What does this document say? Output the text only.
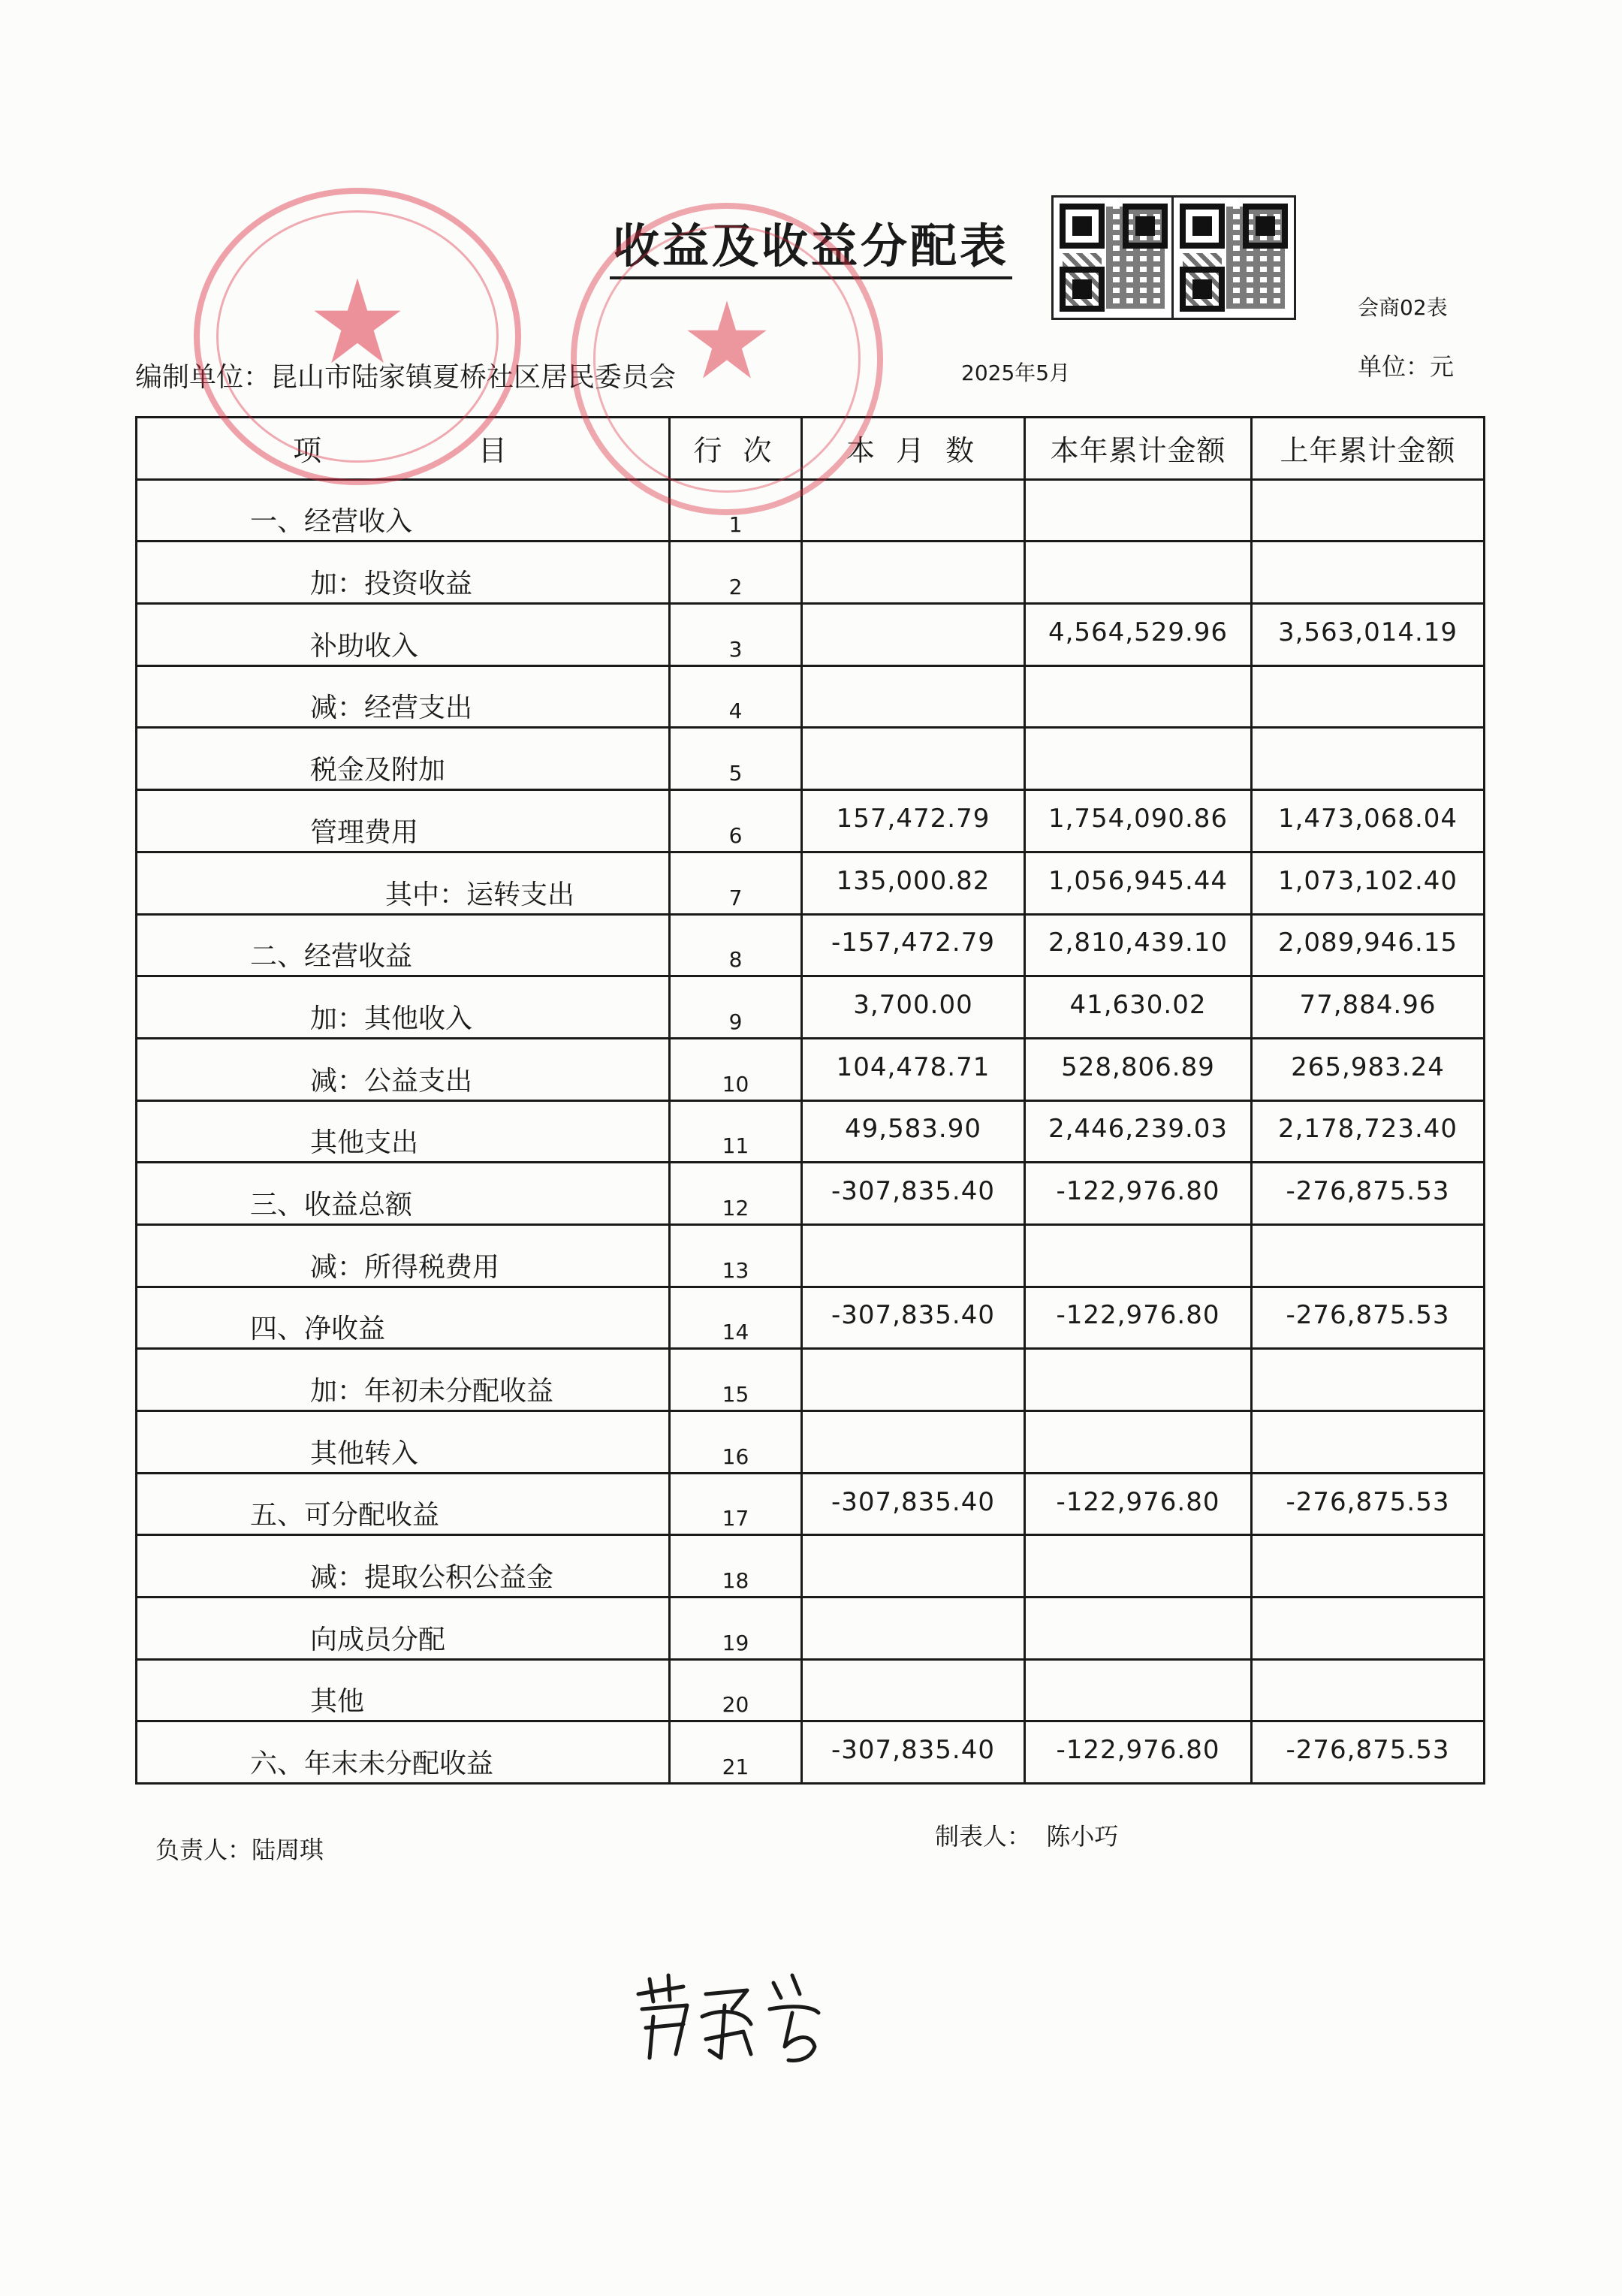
收益及收益分配表
会商02表
编制单位：昆山市陆家镇夏桥社区居民委员会	2025年5月	单位：元
项          目	行 次	本 月 数	本年累计金额	上年累计金额
一、经营收入	1			
加：投资收益	2			
补助收入	3		4,564,529.96	3,563,014.19
减：经营支出	4			
税金及附加	5			
管理费用	6	157,472.79	1,754,090.86	1,473,068.04
其中：运转支出	7	135,000.82	1,056,945.44	1,073,102.40
二、经营收益	8	-157,472.79	2,810,439.10	2,089,946.15
加：其他收入	9	3,700.00	41,630.02	77,884.96
减：公益支出	10	104,478.71	528,806.89	265,983.24
其他支出	11	49,583.90	2,446,239.03	2,178,723.40
三、收益总额	12	-307,835.40	-122,976.80	-276,875.53
减：所得税费用	13			
四、净收益	14	-307,835.40	-122,976.80	-276,875.53
加：年初未分配收益	15			
其他转入	16			
五、可分配收益	17	-307,835.40	-122,976.80	-276,875.53
减：提取公积公益金	18			
向成员分配	19			
其他	20			
六、年末未分配收益	21	-307,835.40	-122,976.80	-276,875.53
负责人：陆周琪	制表人：  陈小巧
